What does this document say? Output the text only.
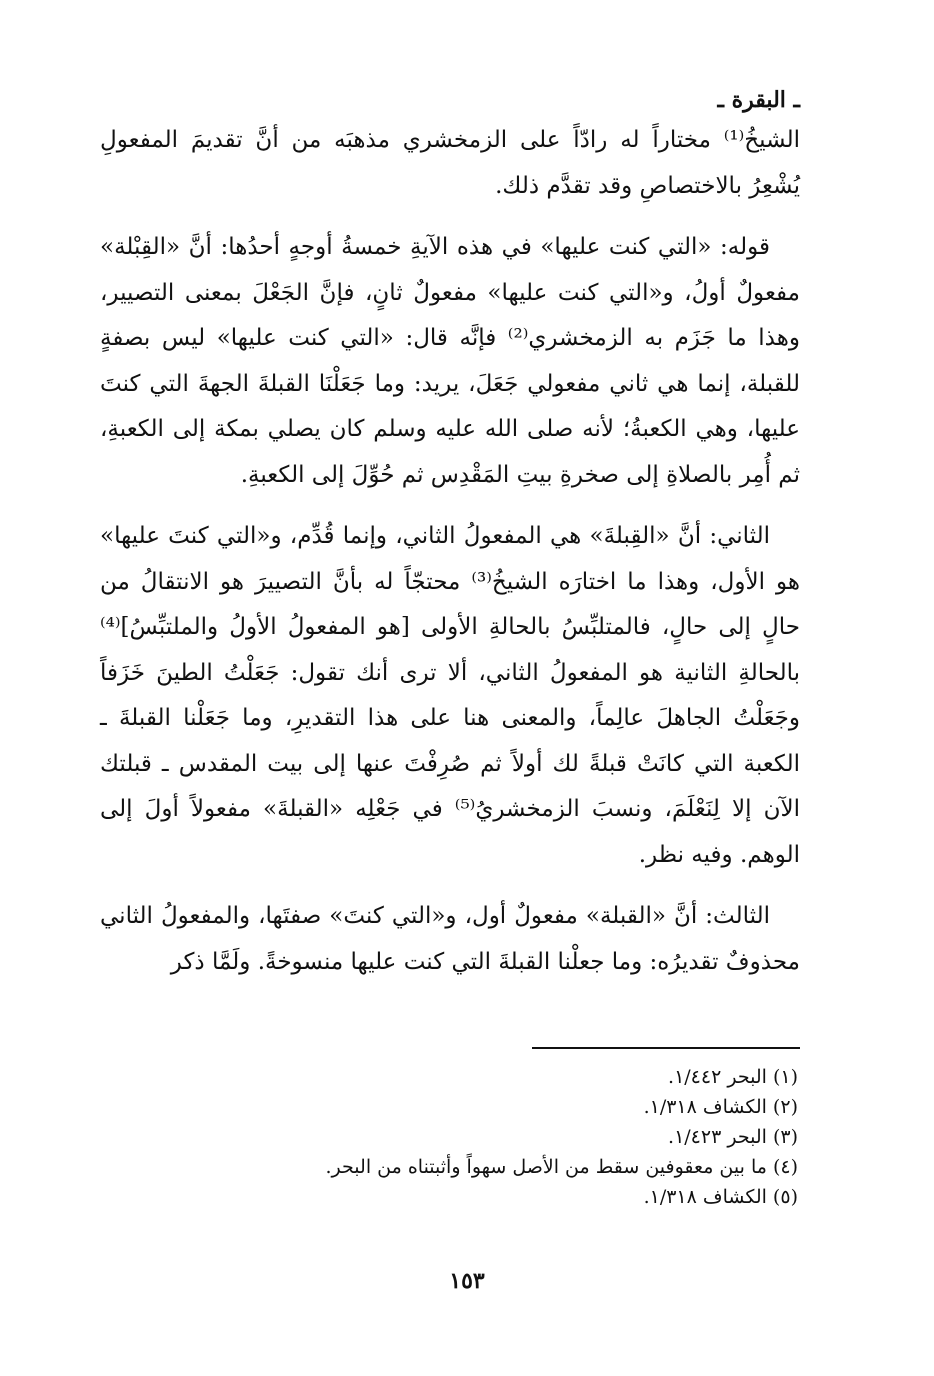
ـ البقرة ـ

الشيخُ⁽¹⁾ مختاراً له رادّاً على الزمخشري مذهبَه من أنَّ تقديمَ المفعولِ يُشْعِرُ بالاختصاصِ وقد تقدَّم ذلك.

قوله: «التي كنت عليها» في هذه الآيةِ خمسةُ أوجهٍ أحدُها: أنَّ «القِبْلة» مفعولٌ أولُ، و«التي كنت عليها» مفعولٌ ثانٍ، فإنَّ الجَعْلَ بمعنى التصيير، وهذا ما جَزَم به الزمخشري⁽²⁾ فإنَّه قال: «التي كنت عليها» ليس بصفةٍ للقبلة، إنما هي ثاني مفعولي جَعَلَ، يريد: وما جَعَلْنَا القبلةَ الجهةَ التي كنتَ عليها، وهي الكعبةُ؛ لأنه صلى الله عليه وسلم كان يصلي بمكة إلى الكعبةِ، ثم أُمِر بالصلاةِ إلى صخرةِ بيتِ المَقْدِس ثم حُوِّلَ إلى الكعبةِ.

الثاني: أنَّ «القِبلةَ» هي المفعولُ الثاني، وإنما قُدِّم، و«التي كنتَ عليها» هو الأول، وهذا ما اختارَه الشيخُ⁽³⁾ محتجّاً له بأنَّ التصييرَ هو الانتقالُ من حالٍ إلى حالٍ، فالمتلبِّسُ بالحالةِ الأولى [هو المفعولُ الأولُ والملتبِّسُ]⁽⁴⁾ بالحالةِ الثانية هو المفعولُ الثاني، ألا ترى أنك تقول: جَعَلْتُ الطينَ خَزَفاً وجَعَلْتُ الجاهلَ عالِماً، والمعنى هنا على هذا التقديرِ، وما جَعَلْنا القبلةَ ـ الكعبة التي كانَتْ قبلةً لك أولاً ثم صُرِفْتَ عنها إلى بيت المقدس ـ قبلتك الآن إلا لِنَعْلَمَ، ونسبَ الزمخشريُ⁽⁵⁾ في جَعْلِه «القبلةَ» مفعولاً أولَ إلى الوهم. وفيه نظر.

الثالث: أنَّ «القبلة» مفعولٌ أول، و«التي كنتَ» صفتَها، والمفعولُ الثاني محذوفٌ تقديرُه: وما جعلْنا القبلةَ التي كنت عليها منسوخةً. ولَمَّا ذكر

(١) البحر ١/٤٤٢.
(٢) الكشاف ١/٣١٨.
(٣) البحر ١/٤٢٣.
(٤) ما بين معقوفين سقط من الأصل سهواً وأثبتناه من البحر.
(٥) الكشاف ١/٣١٨.
١٥٣
